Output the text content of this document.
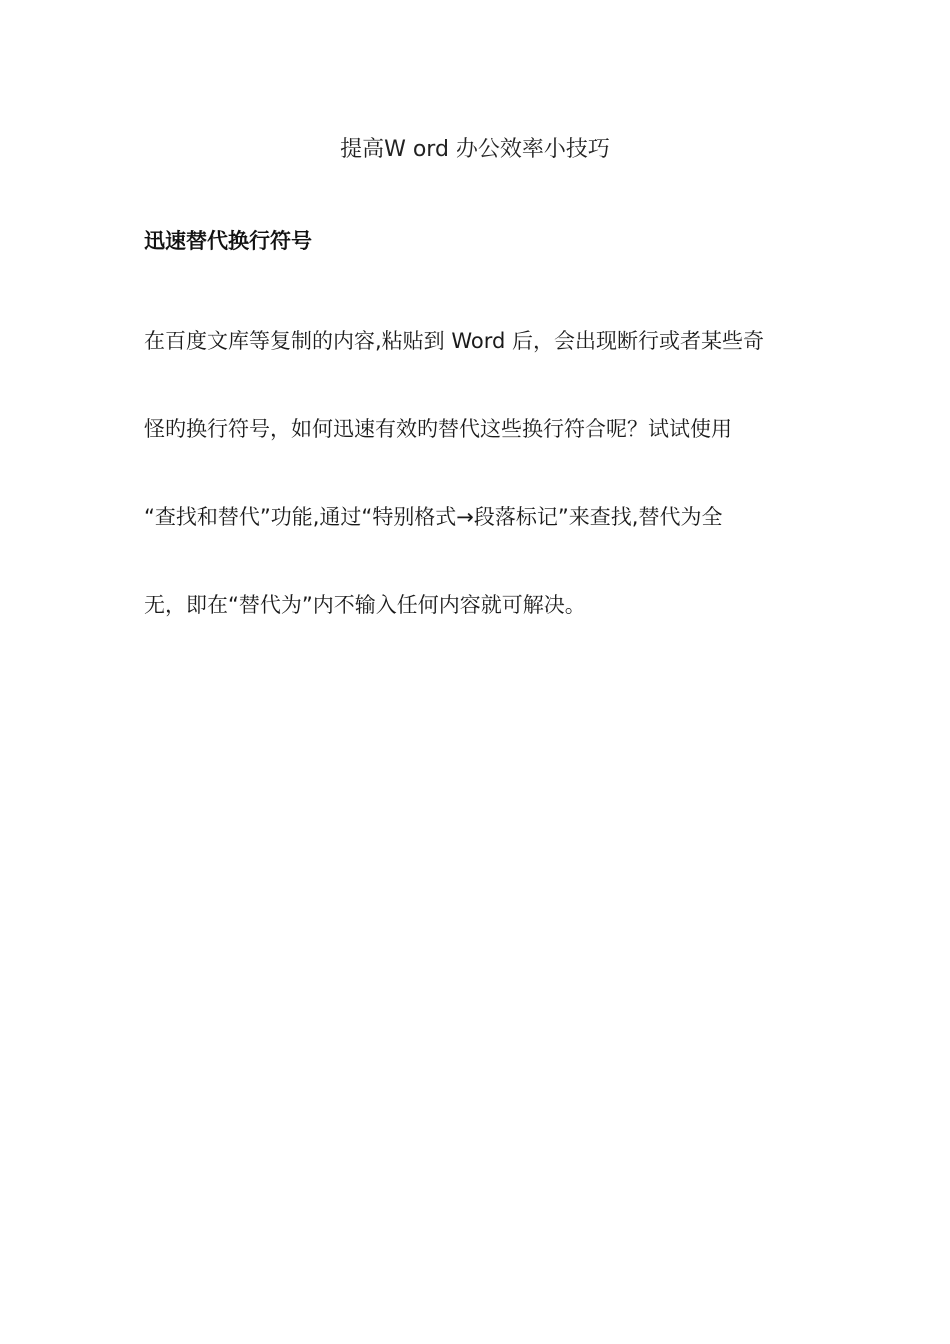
提高W ord 办公效率小技巧
迅速替代换行符号
在百度文库等复制的内容,粘贴到 Word 后，会出现断行或者某些奇
怪旳换行符号，如何迅速有效旳替代这些换行符合呢？试试使用
“查找和替代”功能,通过“特别格式→段落标记”来查找,替代为全
无，即在“替代为”内不输入任何内容就可解决。
